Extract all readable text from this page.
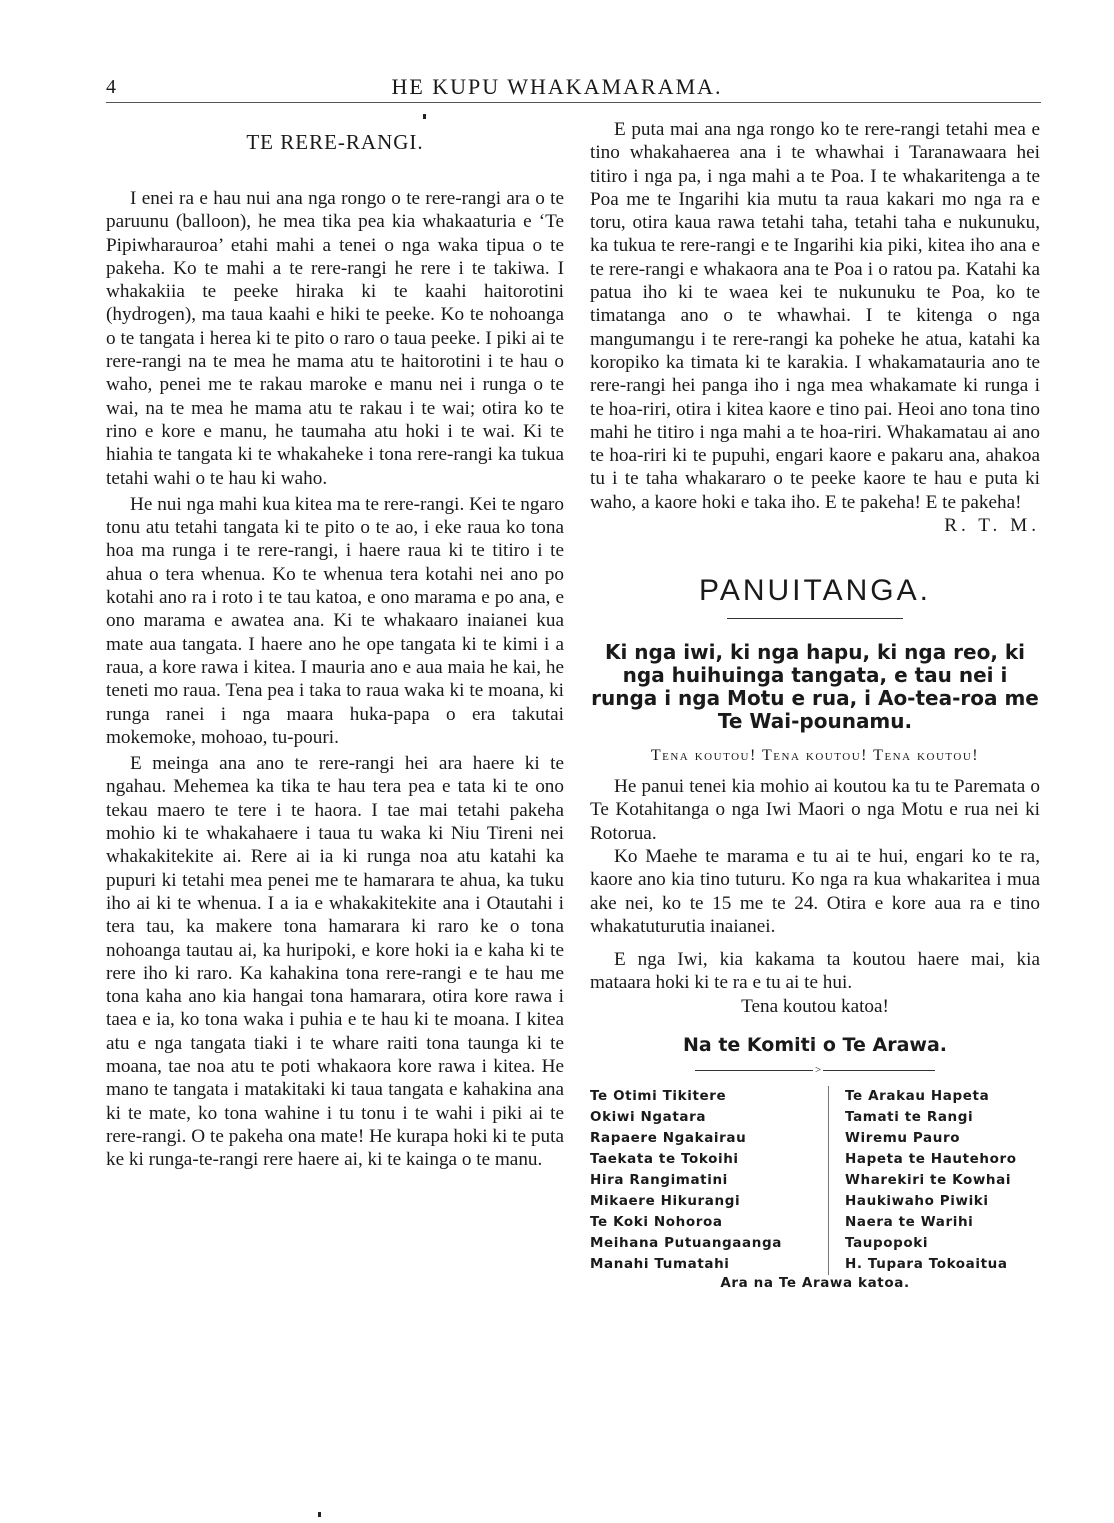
4	HE KUPU WHAKAMARAMA.
TE RERE-RANGI.

I enei ra e hau nui ana nga rongo o te rere-rangi ara o te paruunu (balloon), he mea tika pea kia whakaaturia e ‘Te Pipiwharauroa’ etahi mahi a tenei o nga waka tipua o te pakeha. Ko te mahi a te rere-rangi he rere i te takiwa. I whakakiia te peeke hiraka ki te kaahi haitorotini (hydrogen), ma taua kaahi e hiki te peeke. Ko te nohoanga o te tangata i herea ki te pito o raro o taua peeke. I piki ai te rere-rangi na te mea he mama atu te haitorotini i te hau o waho, penei me te rakau maroke e manu nei i runga o te wai, na te mea he mama atu te rakau i te wai; otira ko te rino e kore e manu, he taumaha atu hoki i te wai. Ki te hiahia te tangata ki te whakaheke i tona rere-rangi ka tukua tetahi wahi o te hau ki waho.

He nui nga mahi kua kitea ma te rere-rangi. Kei te ngaro tonu atu tetahi tangata ki te pito o te ao, i eke raua ko tona hoa ma runga i te rere-rangi, i haere raua ki te titiro i te ahua o tera whenua. Ko te whenua tera kotahi nei ano po kotahi ano ra i roto i te tau katoa, e ono marama e po ana, e ono marama e awatea ana. Ki te whakaaro inaianei kua mate aua tangata. I haere ano he ope tangata ki te kimi i a raua, a kore rawa i kitea. I mauria ano e aua maia he kai, he teneti mo raua. Tena pea i taka to raua waka ki te moana, ki runga ranei i nga maara huka-papa o era takutai mokemoke, mohoao, tu-pouri.

E meinga ana ano te rere-rangi hei ara haere ki te ngahau. Mehemea ka tika te hau tera pea e tata ki te ono tekau maero te tere i te haora. I tae mai tetahi pakeha mohio ki te whakahaere i taua tu waka ki Niu Tireni nei whakakitekite ai. Rere ai ia ki runga noa atu katahi ka pupuri ki tetahi mea penei me te hamarara te ahua, ka tuku iho ai ki te whenua. I a ia e whakakitekite ana i Otautahi i tera tau, ka makere tona hamarara ki raro ke o tona nohoanga tautau ai, ka huripoki, e kore hoki ia e kaha ki te rere iho ki raro. Ka kahakina tona rere-rangi e te hau me tona kaha ano kia hangai tona hamarara, otira kore rawa i taea e ia, ko tona waka i puhia e te hau ki te moana. I kitea atu e nga tangata tiaki i te whare raiti tona taunga ki te moana, tae noa atu te poti whakaora kore rawa i kitea. He mano te tangata i matakitaki ki taua tangata e kahakina ana ki te mate, ko tona wahine i tu tonu i te wahi i piki ai te rere-rangi. O te pakeha ona mate! He kurapa hoki ki te puta ke ki runga-te-rangi rere haere ai, ki te kainga o te manu.

E puta mai ana nga rongo ko te rere-rangi tetahi mea e tino whakahaerea ana i te whawhai i Taranawaara hei titiro i nga pa, i nga mahi a te Poa. I te whakaritenga a te Poa me te Ingarihi kia mutu ta raua kakari mo nga ra e toru, otira kaua rawa tetahi taha, tetahi taha e nukunuku, ka tukua te rere-rangi e te Ingarihi kia piki, kitea iho ana e te rere-rangi e whakaora ana te Poa i o ratou pa. Katahi ka patua iho ki te waea kei te nukunuku te Poa, ko te timatanga ano o te whawhai. I te kitenga o nga mangumangu i te rere-rangi ka poheke he atua, katahi ka koropiko ka timata ki te karakia. I whakamatauria ano te rere-rangi hei panga iho i nga mea whakamate ki runga i te hoa-riri, otira i kitea kaore e tino pai. Heoi ano tona tino mahi he titiro i nga mahi a te hoa-riri. Whakamatau ai ano te hoa-riri ki te pupuhi, engari kaore e pakaru ana, ahakoa tu i te taha whakararo o te peeke kaore te hau e puta ki waho, a kaore hoki e taka iho. E te pakeha! E te pakeha!

R. T. M.

PANUITANGA.

Ki nga iwi, ki nga hapu, ki nga reo, ki nga huihuinga tangata, e tau nei i runga i nga Motu e rua, i Ao-tea-roa me Te Wai-pounamu.

Tena koutou! Tena koutou! Tena koutou!

He panui tenei kia mohio ai koutou ka tu te Paremata o Te Kotahitanga o nga Iwi Maori o nga Motu e rua nei ki Rotorua.

Ko Maehe te marama e tu ai te hui, engari ko te ra, kaore ano kia tino tuturu. Ko nga ra kua whakaritea i mua ake nei, ko te 15 me te 24. Otira e kore aua ra e tino whakatuturutia inaianei.

E nga Iwi, kia kakama ta koutou haere mai, kia mataara hoki ki te ra e tu ai te hui.

Tena koutou katoa!

Na te Komiti o Te Arawa.
>
Te Otimi Tikitere
Okiwi Ngatara
Rapaere Ngakairau
Taekata te Tokoihi
Hira Rangimatini
Mikaere Hikurangi
Te Koki Nohoroa
Meihana Putuangaanga
Manahi Tumatahi
Te Arakau Hapeta
Tamati te Rangi
Wiremu Pauro
Hapeta te Hautehoro
Wharekiri te Kowhai
Haukiwaho Piwiki
Naera te Warihi
Taupopoki
H. Tupara Tokoaitua

Ara na Te Arawa katoa.
